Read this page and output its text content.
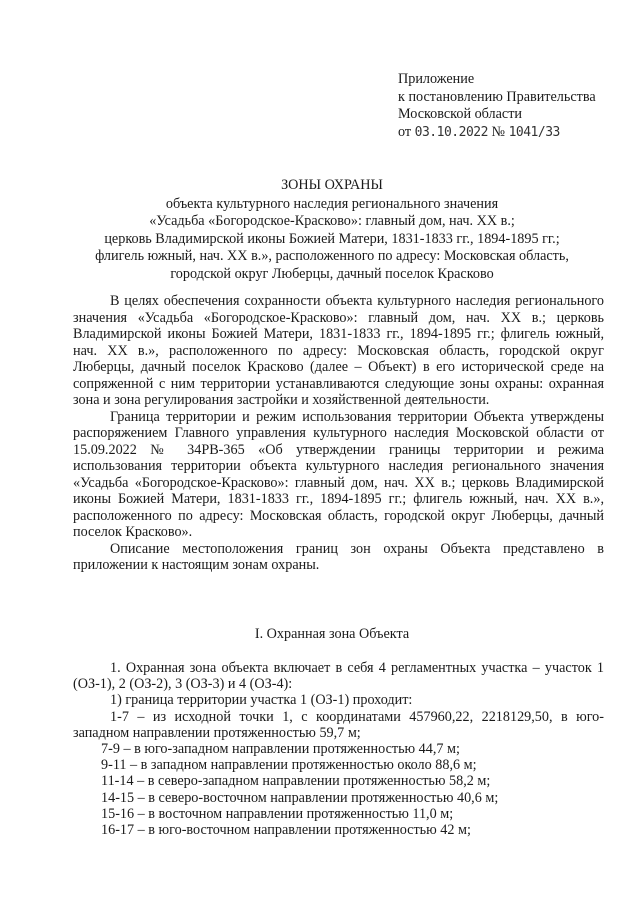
Приложение
к постановлению Правительства
Московской области
от 03.10.2022 № 1041/33
ЗОНЫ ОХРАНЫ
объекта культурного наследия регионального значения
«Усадьба «Богородское-Красково»: главный дом, нач. XX в.;
церковь Владимирской иконы Божией Матери, 1831-1833 гг., 1894-1895 гг.;
флигель южный, нач. XX в.», расположенного по адресу: Московская область,
городской округ Люберцы, дачный поселок Красково

В целях обеспечения сохранности объекта культурного наследия регионального значения «Усадьба «Богородское-Красково»: главный дом, нач. XX в.; церковь Владимирской иконы Божией Матери, 1831-1833 гг., 1894-1895 гг.; флигель южный, нач. XX в.», расположенного по адресу: Московская область, городской округ Люберцы, дачный поселок Красково (далее – Объект) в его исторической среде на сопряженной с ним территории устанавливаются следующие зоны охраны: охранная зона и зона регулирования застройки и хозяйственной деятельности.

Граница территории и режим использования территории Объекта утверждены распоряжением Главного управления культурного наследия Московской области от 15.09.2022 № 34РВ-365 «Об утверждении границы территории и режима использования территории объекта культурного наследия регионального значения «Усадьба «Богородское-Красково»: главный дом, нач. XX в.; церковь Владимирской иконы Божией Матери, 1831-1833 гг., 1894-1895 гг.; флигель южный, нач. XX в.», расположенного по адресу: Московская область, городской округ Люберцы, дачный поселок Красково».

Описание местоположения границ зон охраны Объекта представлено в приложении к настоящим зонам охраны.

I. Охранная зона Объекта

1. Охранная зона объекта включает в себя 4 регламентных участка – участок 1 (ОЗ-1), 2 (ОЗ-2), 3 (ОЗ-3) и 4 (ОЗ-4):

1) граница территории участка 1 (ОЗ-1) проходит:

1-7 – из исходной точки 1, с координатами 457960,22, 2218129,50, в юго-западном направлении протяженностью 59,7 м;

7-9 – в юго-западном направлении протяженностью 44,7 м;

9-11 – в западном направлении протяженностью около 88,6 м;

11-14 – в северо-западном направлении протяженностью 58,2 м;

14-15 – в северо-восточном направлении протяженностью 40,6 м;

15-16 – в восточном направлении протяженностью 11,0 м;

16-17 – в юго-восточном направлении протяженностью 42 м;
